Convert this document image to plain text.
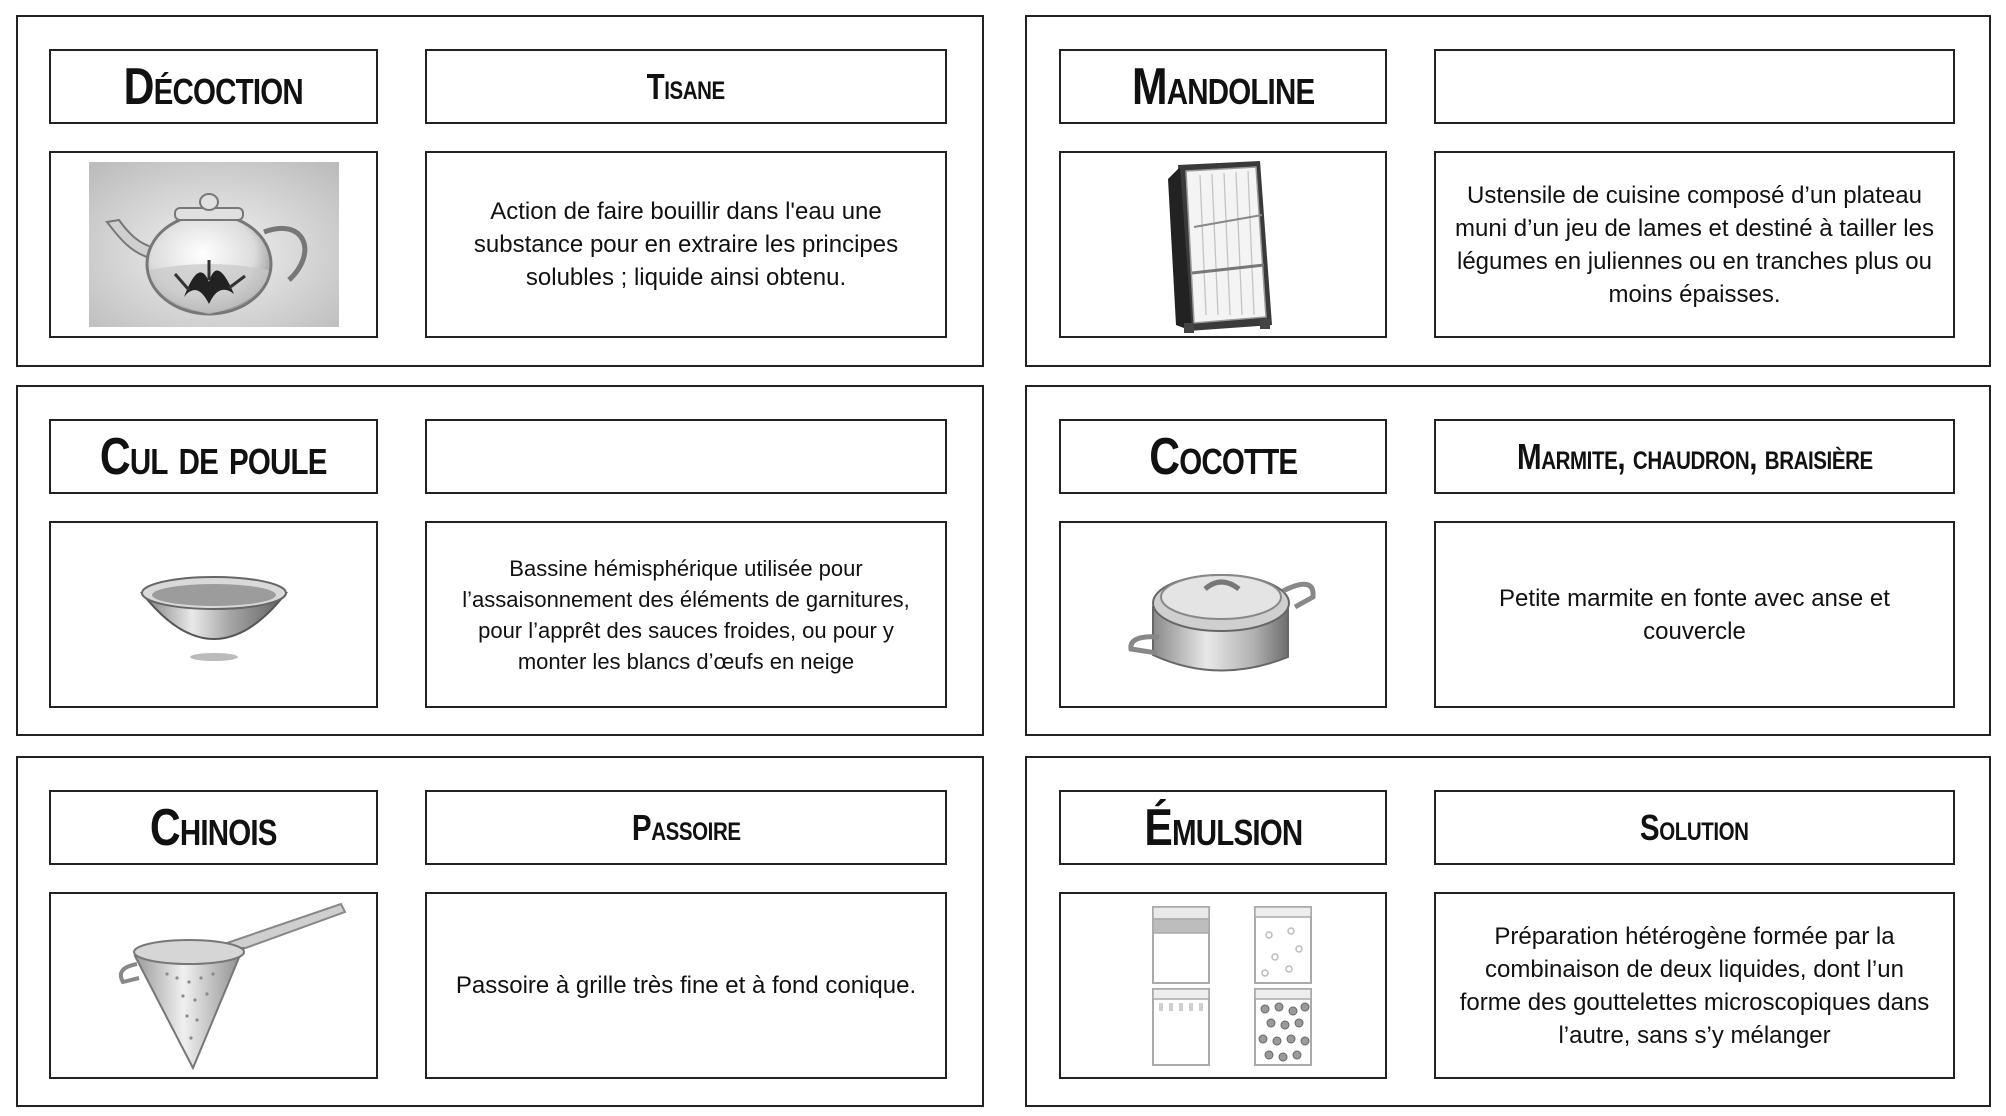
Décoction	Tisane
Action de faire bouillir dans l'eau une substance pour en extraire les principes solubles ; liquide ainsi obtenu.
Mandoline
Ustensile de cuisine composé d’un plateau muni d’un jeu de lames et destiné à tailler les légumes en juliennes ou en tranches plus ou moins épaisses.
Cul de poule
Bassine hémisphérique utilisée pour l’assaisonnement des éléments de garnitures, pour l’apprêt des sauces froides, ou pour y monter les blancs d’œufs en neige
Cocotte	Marmite, chaudron, braisière
Petite marmite en fonte avec anse et couvercle
Chinois	Passoire
Passoire à grille très fine et à fond conique.
Émulsion	Solution
Préparation hétérogène formée par la combinaison de deux liquides, dont l’un forme des gouttelettes microscopiques dans l’autre, sans s’y mélanger
